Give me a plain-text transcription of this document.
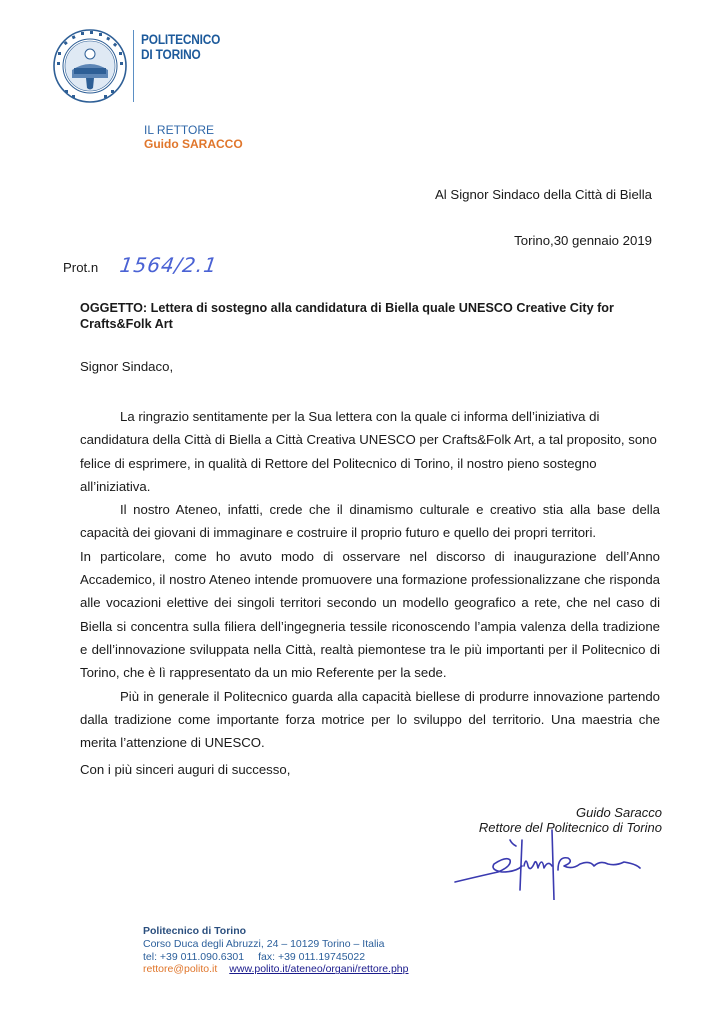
POLITECNICO
DI TORINO
IL RETTORE
Guido SARACCO
Al Signor Sindaco della Città di Biella
Torino,30 gennaio 2019
Prot.n 1564/2.1
OGGETTO: Lettera di sostegno alla candidatura di Biella quale UNESCO Creative City for Crafts&Folk Art
Signor Sindaco,

La ringrazio sentitamente per la Sua lettera con la quale ci informa dell’iniziativa di candidatura della Città di Biella a Città Creativa UNESCO per Crafts&Folk Art, a tal proposito, sono felice di esprimere, in qualità di Rettore del Politecnico di Torino, il nostro pieno sostegno all’iniziativa.

Il nostro Ateneo, infatti, crede che il dinamismo culturale e creativo stia alla base della capacità dei giovani di immaginare e costruire il proprio futuro e quello dei propri territori.

In particolare, come ho avuto modo di osservare nel discorso di inaugurazione dell’Anno Accademico, il nostro Ateneo intende promuovere una formazione professionalizzane che risponda alle vocazioni elettive dei singoli territori secondo un modello geografico a rete, che nel caso di Biella si concentra sulla filiera dell’ingegneria tessile riconoscendo l’ampia valenza della tradizione e dell’innovazione sviluppata nella Città, realtà piemontese tra le più importanti per il Politecnico di Torino, che è lì rappresentato da un mio Referente per la sede.

Più in generale il Politecnico guarda alla capacità biellese di produrre innovazione partendo dalla tradizione come importante forza motrice per lo sviluppo del territorio. Una maestria che merita l’attenzione di UNESCO.

Con i più sinceri auguri di successo,
Guido Saracco
Rettore del Politecnico di Torino
Politecnico di Torino
Corso Duca degli Abruzzi, 24 – 10129 Torino – Italia
tel: +39 011.090.6301 fax: +39 011.19745022
rettore@polito.it www.polito.it/ateneo/organi/rettore.php
